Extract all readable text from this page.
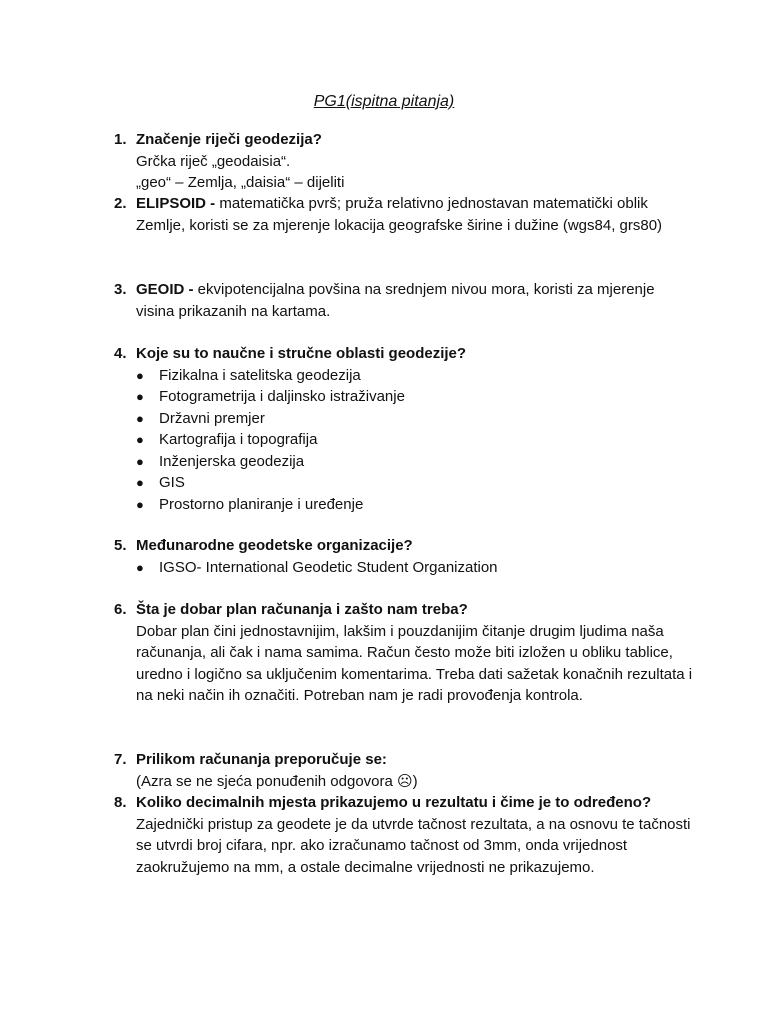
PG1(ispitna pitanja)
1. Značenje riječi geodezija?
Grčka riječ „geodaisia“.
„geo“ – Zemlja, „daisia“ – dijeliti
2. ELIPSOID - matematička pvrš; pruža relativno jednostavan matematički oblik Zemlje, koristi se za mjerenje lokacija geografske širine i dužine (wgs84, grs80)
3. GEOID - ekvipotencijalna povšina na srednjem nivou mora, koristi za mjerenje visina prikazanih na kartama.
4. Koje su to naučne i stručne oblasti geodezije?
● Fizikalna i satelitska geodezija
● Fotogrametrija i daljinsko istraživanje
● Državni premjer
● Kartografija i topografija
● Inženjerska geodezija
● GIS
● Prostorno planiranje i uređenje
5. Međunarodne geodetske organizacije?
● IGSO- International Geodetic Student Organization
6. Šta je dobar plan računanja i zašto nam treba?
Dobar plan čini jednostavnijim, lakšim i pouzdanijim čitanje drugim ljudima naša računanja, ali čak i nama samima. Račun često može biti izložen u obliku tablice, uredno i logično sa uključenim komentarima. Treba dati sažetak konačnih rezultata i na neki način ih označiti. Potreban nam je radi provođenja kontrola.
7. Prilikom računanja preporučuje se:
(Azra se ne sjeća ponuđenih odgovora ☹)
8. Koliko decimalnih mjesta prikazujemo u rezultatu i čime je to određeno?
Zajednički pristup za geodete je da utvrde tačnost rezultata, a na osnovu te tačnosti se utvrdi broj cifara, npr. ako izračunamo tačnost od 3mm, onda vrijednost zaokružujemo na mm, a ostale decimalne vrijednosti ne prikazujemo.
